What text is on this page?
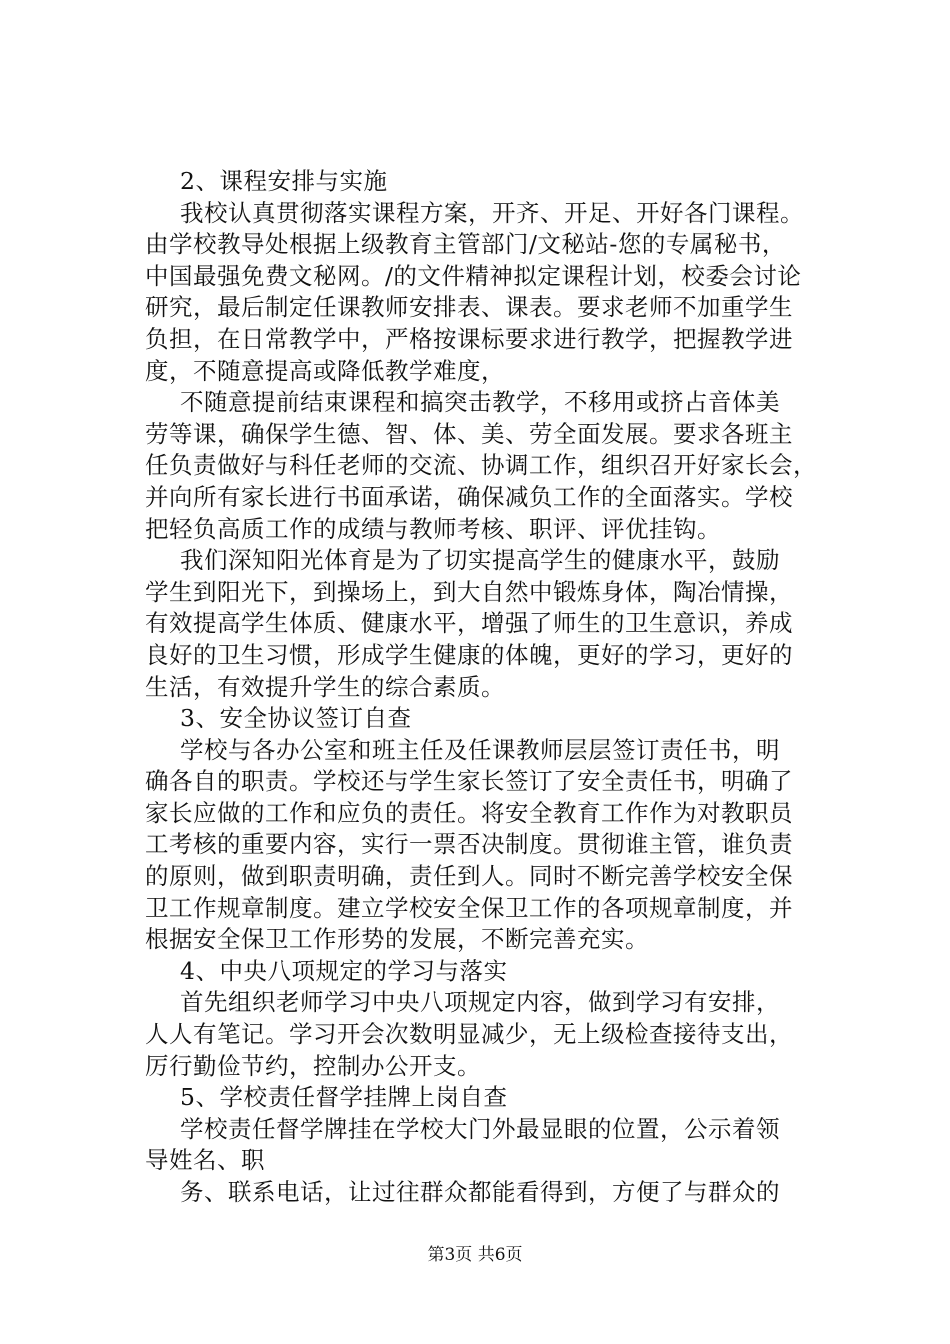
2、课程安排与实施
我校认真贯彻落实课程方案，开齐、开足、开好各门课程。
由学校教导处根据上级教育主管部门/文秘站-您的专属秘书，
中国最强免费文秘网。/的文件精神拟定课程计划，校委会讨论
研究，最后制定任课教师安排表、课表。要求老师不加重学生
负担，在日常教学中，严格按课标要求进行教学，把握教学进
度，不随意提高或降低教学难度，
不随意提前结束课程和搞突击教学，不移用或挤占音体美
劳等课，确保学生德、智、体、美、劳全面发展。要求各班主
任负责做好与科任老师的交流、协调工作，组织召开好家长会，
并向所有家长进行书面承诺，确保减负工作的全面落实。学校
把轻负高质工作的成绩与教师考核、职评、评优挂钩。
我们深知阳光体育是为了切实提高学生的健康水平，鼓励
学生到阳光下，到操场上，到大自然中锻炼身体，陶冶情操，
有效提高学生体质、健康水平，增强了师生的卫生意识，养成
良好的卫生习惯，形成学生健康的体魄，更好的学习，更好的
生活，有效提升学生的综合素质。
3、安全协议签订自查
学校与各办公室和班主任及任课教师层层签订责任书，明
确各自的职责。学校还与学生家长签订了安全责任书，明确了
家长应做的工作和应负的责任。将安全教育工作作为对教职员
工考核的重要内容，实行一票否决制度。贯彻谁主管，谁负责
的原则，做到职责明确，责任到人。同时不断完善学校安全保
卫工作规章制度。建立学校安全保卫工作的各项规章制度，并
根据安全保卫工作形势的发展，不断完善充实。
4、中央八项规定的学习与落实
首先组织老师学习中央八项规定内容，做到学习有安排，
人人有笔记。学习开会次数明显减少，无上级检查接待支出，
厉行勤俭节约，控制办公开支。
5、学校责任督学挂牌上岗自查
学校责任督学牌挂在学校大门外最显眼的位置，公示着领
导姓名、职
务、联系电话，让过往群众都能看得到，方便了与群众的
第3页 共6页
